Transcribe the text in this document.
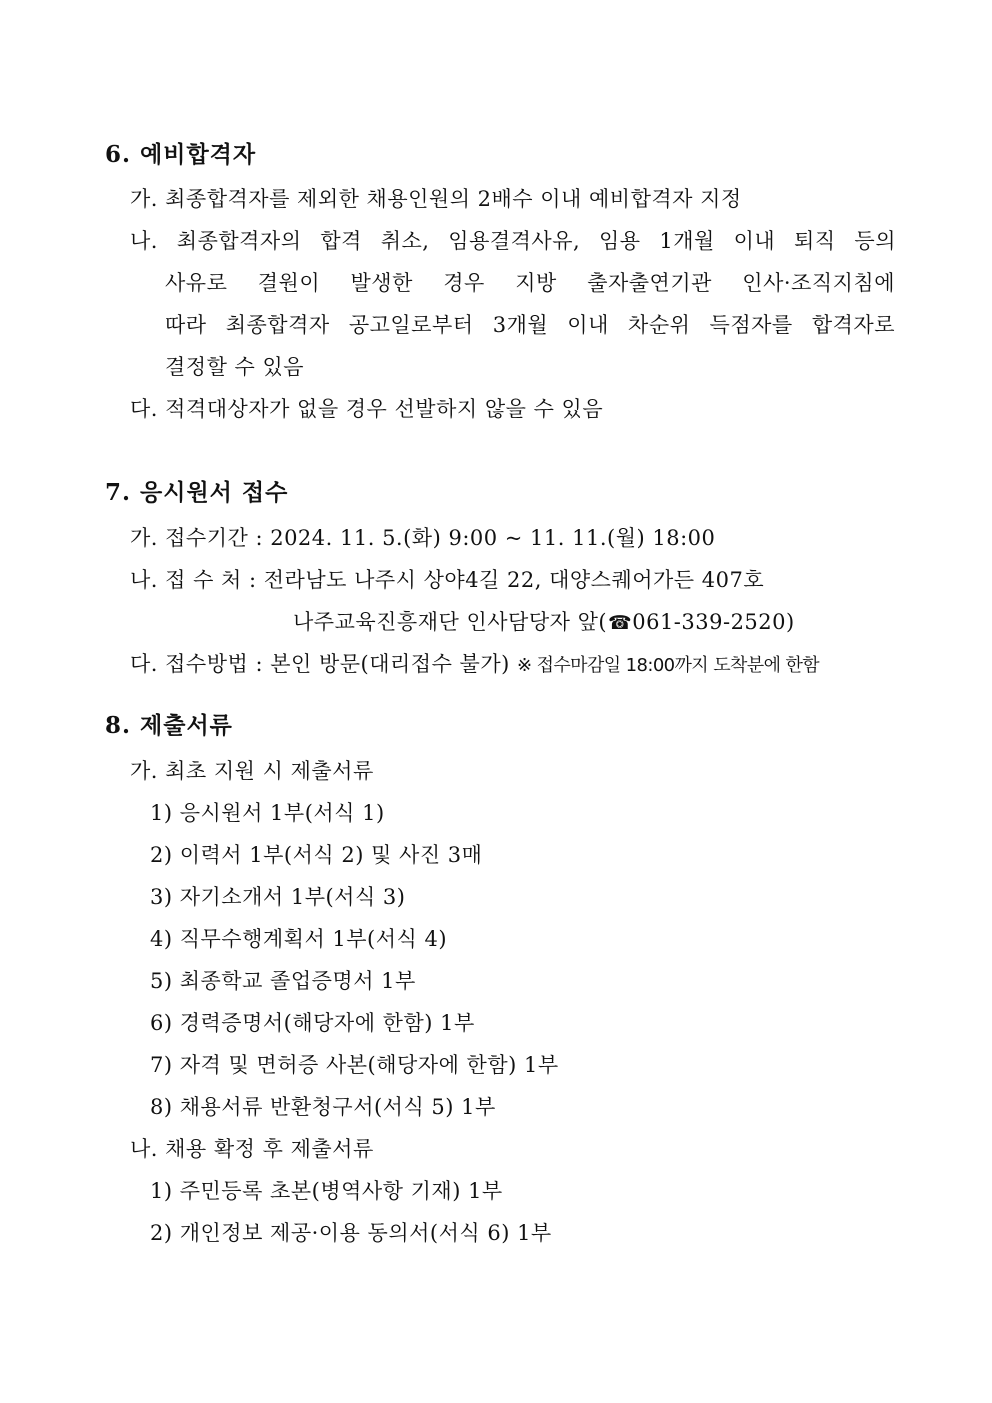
6. 예비합격자
가. 최종합격자를 제외한 채용인원의 2배수 이내 예비합격자 지정
나. 최종합격자의 합격 취소, 임용결격사유, 임용 1개월 이내 퇴직 등의
사유로 결원이 발생한 경우 지방 출자출연기관 인사·조직지침에
따라 최종합격자 공고일로부터 3개월 이내 차순위 득점자를 합격자로
결정할 수 있음
다. 적격대상자가 없을 경우 선발하지 않을 수 있음
7. 응시원서 접수
가. 접수기간 : 2024. 11. 5.(화) 9:00 ~ 11. 11.(월) 18:00
나. 접 수 처 : 전라남도 나주시 상야4길 22, 대양스퀘어가든 407호
나주교육진흥재단 인사담당자 앞(☎061-339-2520)
다. 접수방법 : 본인 방문(대리접수 불가) ※ 접수마감일 18:00까지 도착분에 한함
8. 제출서류
가. 최초 지원 시 제출서류
1) 응시원서 1부(서식 1)
2) 이력서 1부(서식 2) 및 사진 3매
3) 자기소개서 1부(서식 3)
4) 직무수행계획서 1부(서식 4)
5) 최종학교 졸업증명서 1부
6) 경력증명서(해당자에 한함) 1부
7) 자격 및 면허증 사본(해당자에 한함) 1부
8) 채용서류 반환청구서(서식 5) 1부
나. 채용 확정 후 제출서류
1) 주민등록 초본(병역사항 기재) 1부
2) 개인정보 제공·이용 동의서(서식 6) 1부
